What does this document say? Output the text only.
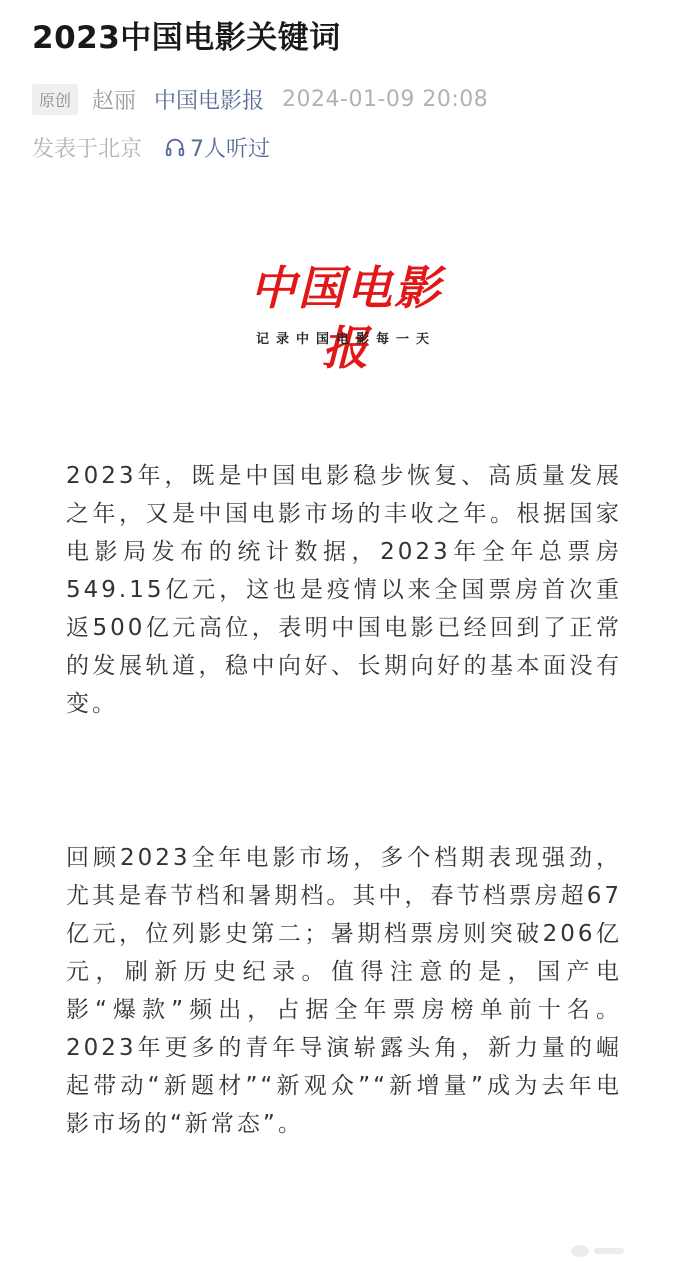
2023中国电影关键词
原创 赵丽 中国电影报 2024-01-09 20:08
发表于北京 7人听过
中国电影报
记录中国电影每一天
2023年，既是中国电影稳步恢复、高质量发展之年，又是中国电影市场的丰收之年。根据国家电影局发布的统计数据，2023年全年总票房549.15亿元，这也是疫情以来全国票房首次重返500亿元高位，表明中国电影已经回到了正常的发展轨道，稳中向好、长期向好的基本面没有变。
回顾2023全年电影市场，多个档期表现强劲，尤其是春节档和暑期档。其中，春节档票房超67亿元，位列影史第二；暑期档票房则突破206亿元，刷新历史纪录。值得注意的是，国产电影“爆款”频出，占据全年票房榜单前十名。2023年更多的青年导演崭露头角，新力量的崛起带动“新题材”“新观众”“新增量”成为去年电影市场的“新常态”。
